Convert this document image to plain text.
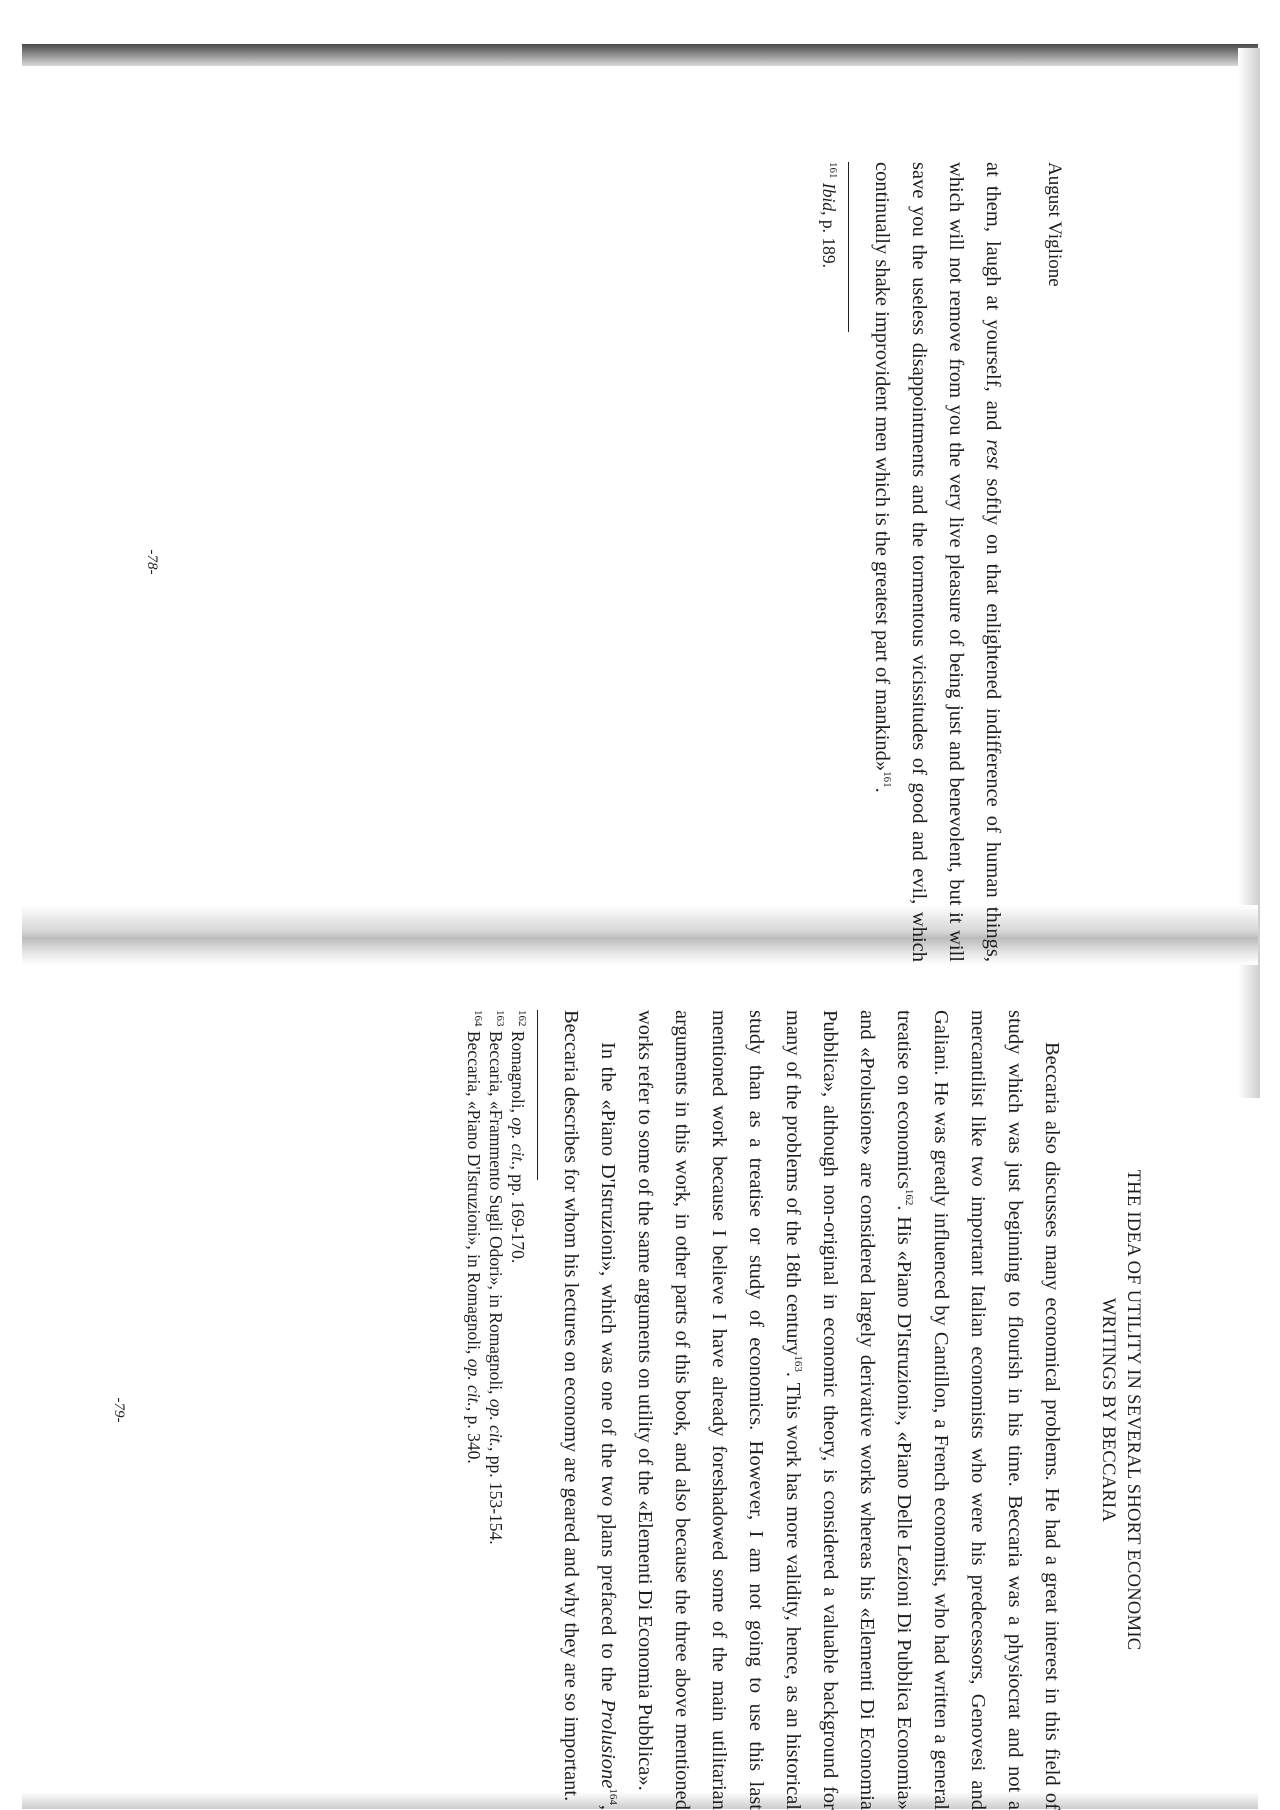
August Viglione

at them, laugh at yourself, and rest softly on that enlightened indifference of human things, which will not remove from you the very live pleasure of being just and benevolent, but it will save you the useless disappointments and the tormentous vicissitudes of good and evil, which continually shake improvident men which is the greatest part of mankind»$^{161}$.

$^{161}$ Ibid, p. 189.

-78-
THE IDEA OF UTILITY IN SEVERAL SHORT ECONOMIC
WRITINGS BY BECCARIA

Beccaria also discusses many economical problems. He had a great interest in this field of study which was just beginning to flourish in his time. Beccaria was a physiocrat and not a mercantilist like two important Italian economists who were his predecessors, Genovesi and Galiani. He was greatly influenced by Cantillon, a French economist, who had written a general treatise on economics$^{162}$. His «Piano D'Istruzioni», «Piano Delle Lezioni Di Pubblica Economia» and «Prolusione» are considered largely derivative works whereas his «Elementi Di Economia Pubblica», although non-original in economic theory, is considered a valuable background for many of the problems of the 18th century$^{163}$. This work has more validity, hence, as an historical study than as a treatise or study of economics. However, I am not going to use this last mentioned work because I believe I have already foreshadowed some of the main utilitarian arguments in this work, in other parts of this book, and also because the three above mentioned works refer to some of the same arguments on utility of the «Elementi Di Economia Pubblica».

In the «Piano D'Istruzioni», which was one of the two plans prefaced to the Prolusione$^{164}$, Beccaria describes for whom his lectures on economy are geared and why they are so important.

$^{162}$ Romagnoli, op. cit., pp. 169-170.

$^{163}$ Beccaria, «Frammento Sugli Odori», in Romagnoli, op. cit., pp. 153-154.

$^{164}$ Beccaria, «Piano D'Istruzioni», in Romagnoli, op. cit., p. 340.

-79-
